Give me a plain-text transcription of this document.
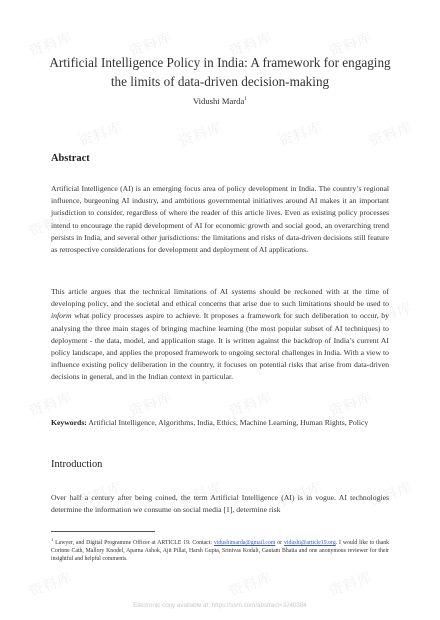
资料库	资料库	资料库	资料库
资料库	资料库	资料库	资料库
资料库	资料库	资料库	资料库
资料库	资料库	资料库	资料库
资料库	资料库	资料库	资料库
资料库	资料库	资料库	资料库
资料库	资料库	资料库
Artificial Intelligence Policy in India: A framework for engaging the limits of data-driven decision-making
Vidushi Marda$^1$
Abstract
Artificial Intelligence (AI) is an emerging focus area of policy development in India. The country’s regional influence, burgeoning AI industry, and ambitious governmental initiatives around AI makes it an important jurisdiction to consider, regardless of where the reader of this article lives. Even as existing policy processes intend to encourage the rapid development of AI for economic growth and social good, an overarching trend persists in India, and several other jurisdictions: the limitations and risks of data-driven decisions still feature as retrospective considerations for development and deployment of AI applications.
This article argues that the technical limitations of AI systems should be reckoned with at the time of developing policy, and the societal and ethical concerns that arise due to such limitations should be used to inform what policy processes aspire to achieve. It proposes a framework for such deliberation to occur, by analysing the three main stages of bringing machine learning (the most popular subset of AI techniques) to deployment - the data, model, and application stage. It is written against the backdrop of India’s current AI policy landscape, and applies the proposed framework to ongoing sectoral challenges in India. With a view to influence existing policy deliberation in the country, it focuses on potential risks that arise from data-driven decisions in general, and in the Indian context in particular.
Keywords: Artificial Intelligence, Algorithms, India, Ethics, Machine Learning, Human Rights, Policy
Introduction
Over half a century after being coined, the term Artificial Intelligence (AI) is in vogue. AI technologies determine the information we consume on social media [1], determine risk
$^1$ Lawyer, and Digital Programme Officer at ARTICLE 19. Contact: vidushimarda@gmail.com or vidushi@article19.org. I would like to thank Corinne Cath, Mallory Knodel, Aparna Ashok, Ajit Pillai, Harsh Gupta, Srinivas Kodali, Gautam Bhatia and one anonymous reviewer for their insightful and helpful comments.
Electronic copy available at: https://ssrn.com/abstract=3240384
